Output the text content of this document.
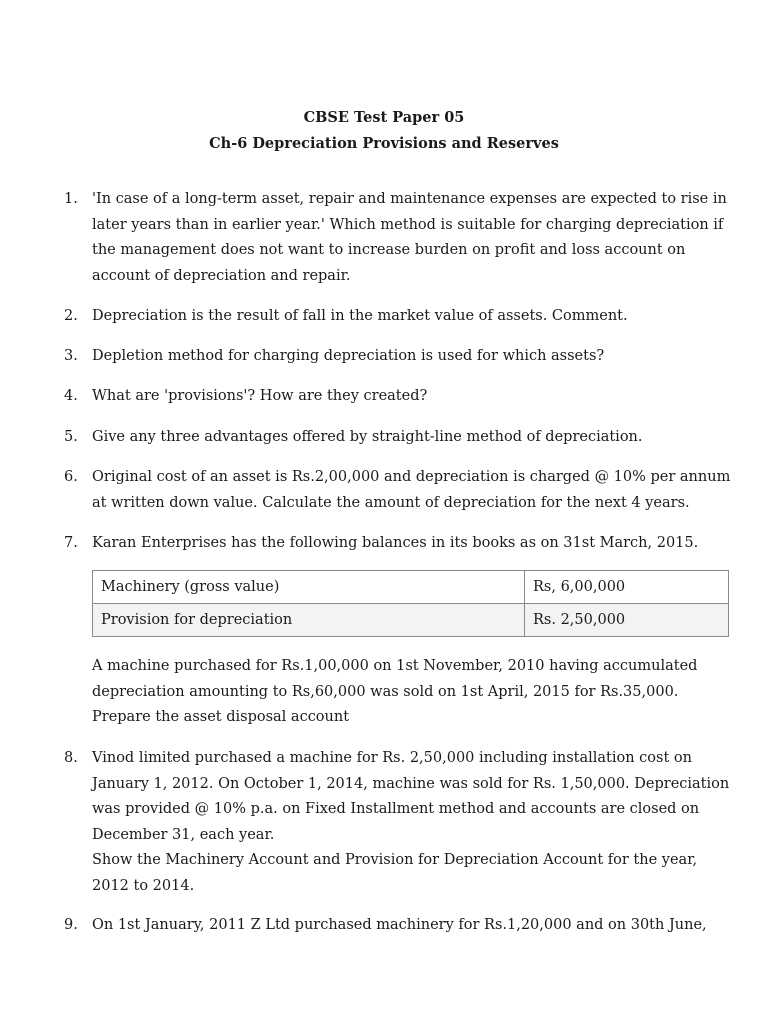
CBSE Test Paper 05
Ch-6 Depreciation Provisions and Reserves
1. 'In case of a long-term asset, repair and maintenance expenses are expected to rise in later years than in earlier year.' Which method is suitable for charging depreciation if the management does not want to increase burden on profit and loss account on account of depreciation and repair.
2. Depreciation is the result of fall in the market value of assets. Comment.
3. Depletion method for charging depreciation is used for which assets?
4. What are 'provisions'? How are they created?
5. Give any three advantages offered by straight-line method of depreciation.
6. Original cost of an asset is Rs.2,00,000 and depreciation is charged @ 10% per annum at written down value. Calculate the amount of depreciation for the next 4 years.
7. Karan Enterprises has the following balances in its books as on 31st March, 2015.
Machinery (gross value)	Rs, 6,00,000
Provision for depreciation	Rs. 2,50,000
A machine purchased for Rs.1,00,000 on 1st November, 2010 having accumulated depreciation amounting to Rs,60,000 was sold on 1st April, 2015 for Rs.35,000. Prepare the asset disposal account
8. Vinod limited purchased a machine for Rs. 2,50,000 including installation cost on January 1, 2012. On October 1, 2014, machine was sold for Rs. 1,50,000. Depreciation was provided @ 10% p.a. on Fixed Installment method and accounts are closed on December 31, each year.
Show the Machinery Account and Provision for Depreciation Account for the year, 2012 to 2014.
9. On 1st January, 2011 Z Ltd purchased machinery for Rs.1,20,000 and on 30th June,
